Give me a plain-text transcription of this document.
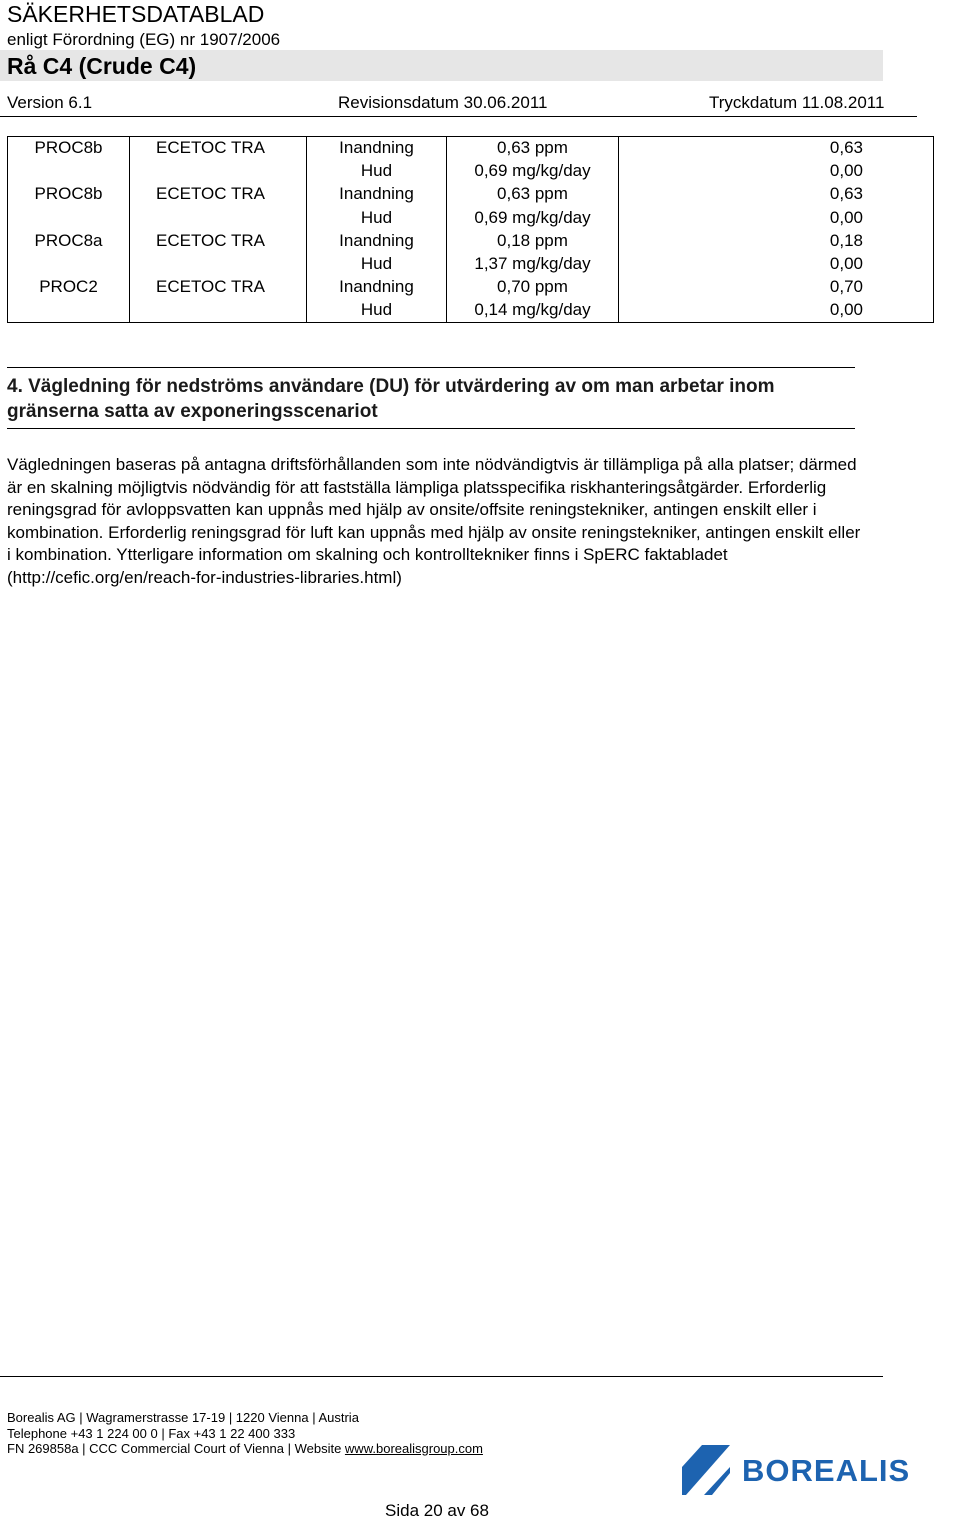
SÄKERHETSDATABLAD
enligt Förordning (EG) nr 1907/2006
Rå C4 (Crude C4)
Version 6.1	Revisionsdatum 30.06.2011	Tryckdatum 11.08.2011
PROC8b	ECETOC TRA	Inandning	0,63 ppm	0,63
		Hud	0,69 mg/kg/day	0,00
PROC8b	ECETOC TRA	Inandning	0,63 ppm	0,63
		Hud	0,69 mg/kg/day	0,00
PROC8a	ECETOC TRA	Inandning	0,18 ppm	0,18
		Hud	1,37 mg/kg/day	0,00
PROC2	ECETOC TRA	Inandning	0,70 ppm	0,70
		Hud	0,14 mg/kg/day	0,00
4. Vägledning för nedströms användare (DU) för utvärdering av om man arbetar inom gränserna satta av exponeringsscenariot
Vägledningen baseras på antagna driftsförhållanden som inte nödvändigtvis är tillämpliga på alla platser; därmed är en skalning möjligtvis nödvändig för att fastställa lämpliga platsspecifika riskhanteringsåtgärder. Erforderlig reningsgrad för avloppsvatten kan uppnås med hjälp av onsite/offsite reningstekniker, antingen enskilt eller i kombination. Erforderlig reningsgrad för luft kan uppnås med hjälp av onsite reningstekniker, antingen enskilt eller i kombination. Ytterligare information om skalning och kontrolltekniker finns i SpERC faktabladet (http://cefic.org/en/reach-for-industries-libraries.html)
Borealis AG | Wagramerstrasse 17-19 | 1220 Vienna | Austria
Telephone +43 1 224 00 0 | Fax +43 1 22 400 333
FN 269858a | CCC Commercial Court of Vienna | Website www.borealisgroup.com
BOREALIS
Sida 20 av 68
